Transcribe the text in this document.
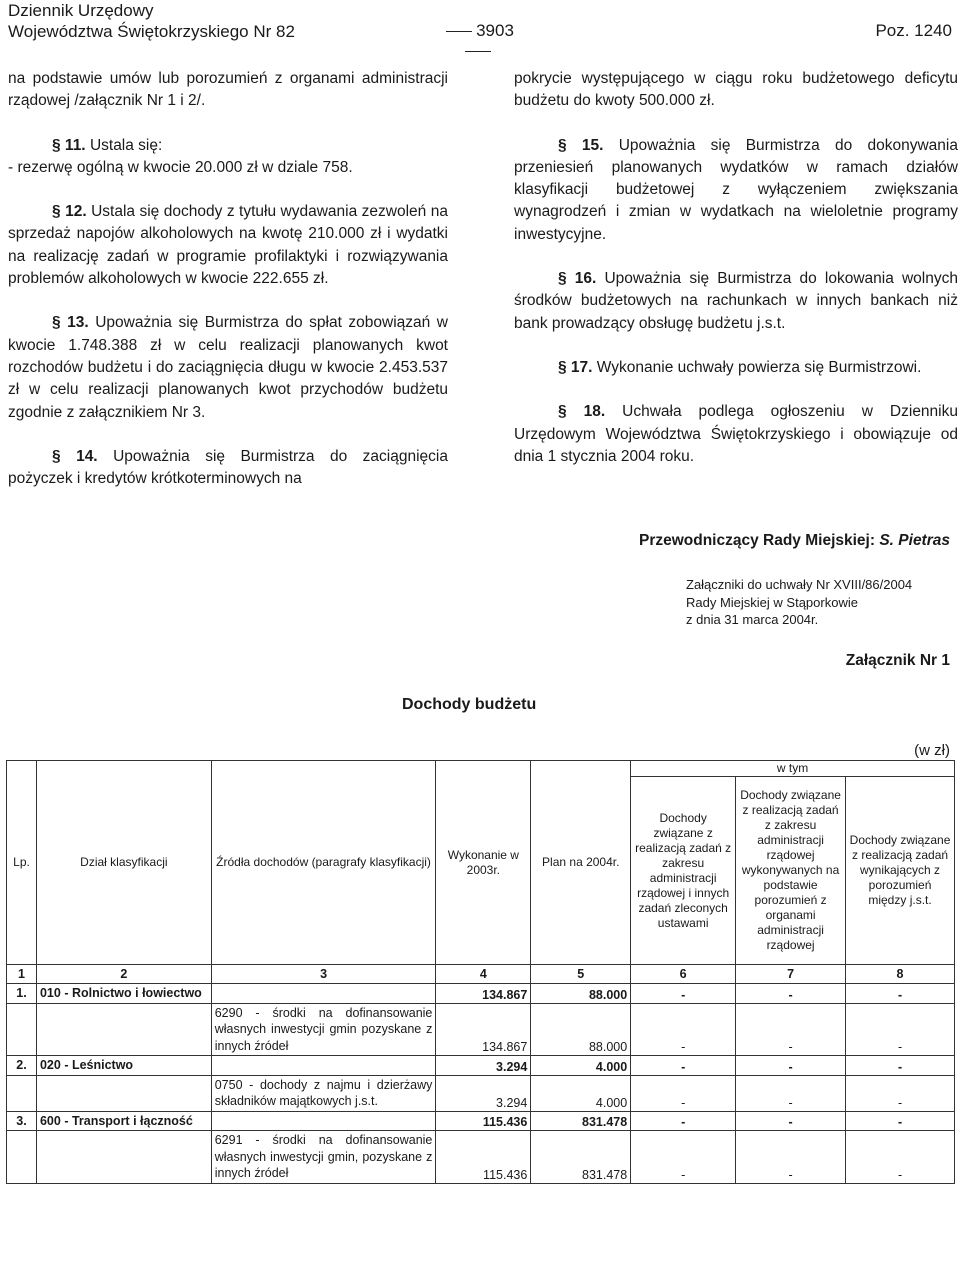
Dziennik Urzędowy
Województwa Świętokrzyskiego Nr 82	3903	Poz. 1240

na podstawie umów lub porozumień z organami administracji rządowej /załącznik Nr 1 i 2/.

§ 11. Ustala się:

- rezerwę ogólną w kwocie 20.000 zł w dziale 758.

§ 12. Ustala się dochody z tytułu wydawania zezwoleń na sprzedaż napojów alkoholowych na kwotę 210.000 zł i wydatki na realizację zadań w programie profilaktyki i rozwiązywania problemów alkoholowych w kwocie 222.655 zł.

§ 13. Upoważnia się Burmistrza do spłat zobowiązań w kwocie 1.748.388 zł w celu realizacji planowanych kwot rozchodów budżetu i do zaciągnięcia długu w kwocie 2.453.537 zł w celu realizacji planowanych kwot przychodów budżetu zgodnie z załącznikiem Nr 3.

§ 14. Upoważnia się Burmistrza do zaciągnięcia pożyczek i kredytów krótkoterminowych na

pokrycie występującego w ciągu roku budżetowego deficytu budżetu do kwoty 500.000 zł.

§ 15. Upoważnia się Burmistrza do dokonywania przeniesień planowanych wydatków w ramach działów klasyfikacji budżetowej z wyłączeniem zwiększania wynagrodzeń i zmian w wydatkach na wieloletnie programy inwestycyjne.

§ 16. Upoważnia się Burmistrza do lokowania wolnych środków budżetowych na rachunkach w innych bankach niż bank prowadzący obsługę budżetu j.s.t.

§ 17. Wykonanie uchwały powierza się Burmistrzowi.

§ 18. Uchwała podlega ogłoszeniu w Dzienniku Urzędowym Województwa Świętokrzyskiego i obowiązuje od dnia 1 stycznia 2004 roku.

Przewodniczący Rady Miejskiej: S. Pietras
Załączniki do uchwały Nr XVIII/86/2004
Rady Miejskiej w Stąporkowie
z dnia 31 marca 2004r.
Załącznik Nr 1
Dochody budżetu
(w zł)
Lp.	Dział klasyfikacji	Źródła dochodów (paragrafy klasyfikacji)	Wykonanie w 2003r.	Plan na 2004r.	w tym		
					Dochody związane z realizacją zadań z zakresu administracji rządowej i innych zadań zleconych ustawami	Dochody związane z realizacją zadań z zakresu administracji rządowej wykonywanych na podstawie porozumień z organami administracji rządowej	Dochody związane z realizacją zadań wynikających z porozumień między j.s.t.
1	2	3	4	5	6	7	8
1.	010 - Rolnictwo i łowiectwo		134.867	88.000	-	-	-
		6290 - środki na dofinansowanie własnych inwestycji gmin pozyskane z innych źródeł	134.867	88.000	-	-	-
2.	020 - Leśnictwo		3.294	4.000	-	-	-
		0750 - dochody z najmu i dzierżawy składników majątkowych j.s.t.	3.294	4.000	-	-	-
3.	600 - Transport i łączność		115.436	831.478	-	-	-
		6291 - środki na dofinansowanie własnych inwestycji gmin, pozyskane z innych źródeł	115.436	831.478	-	-	-
